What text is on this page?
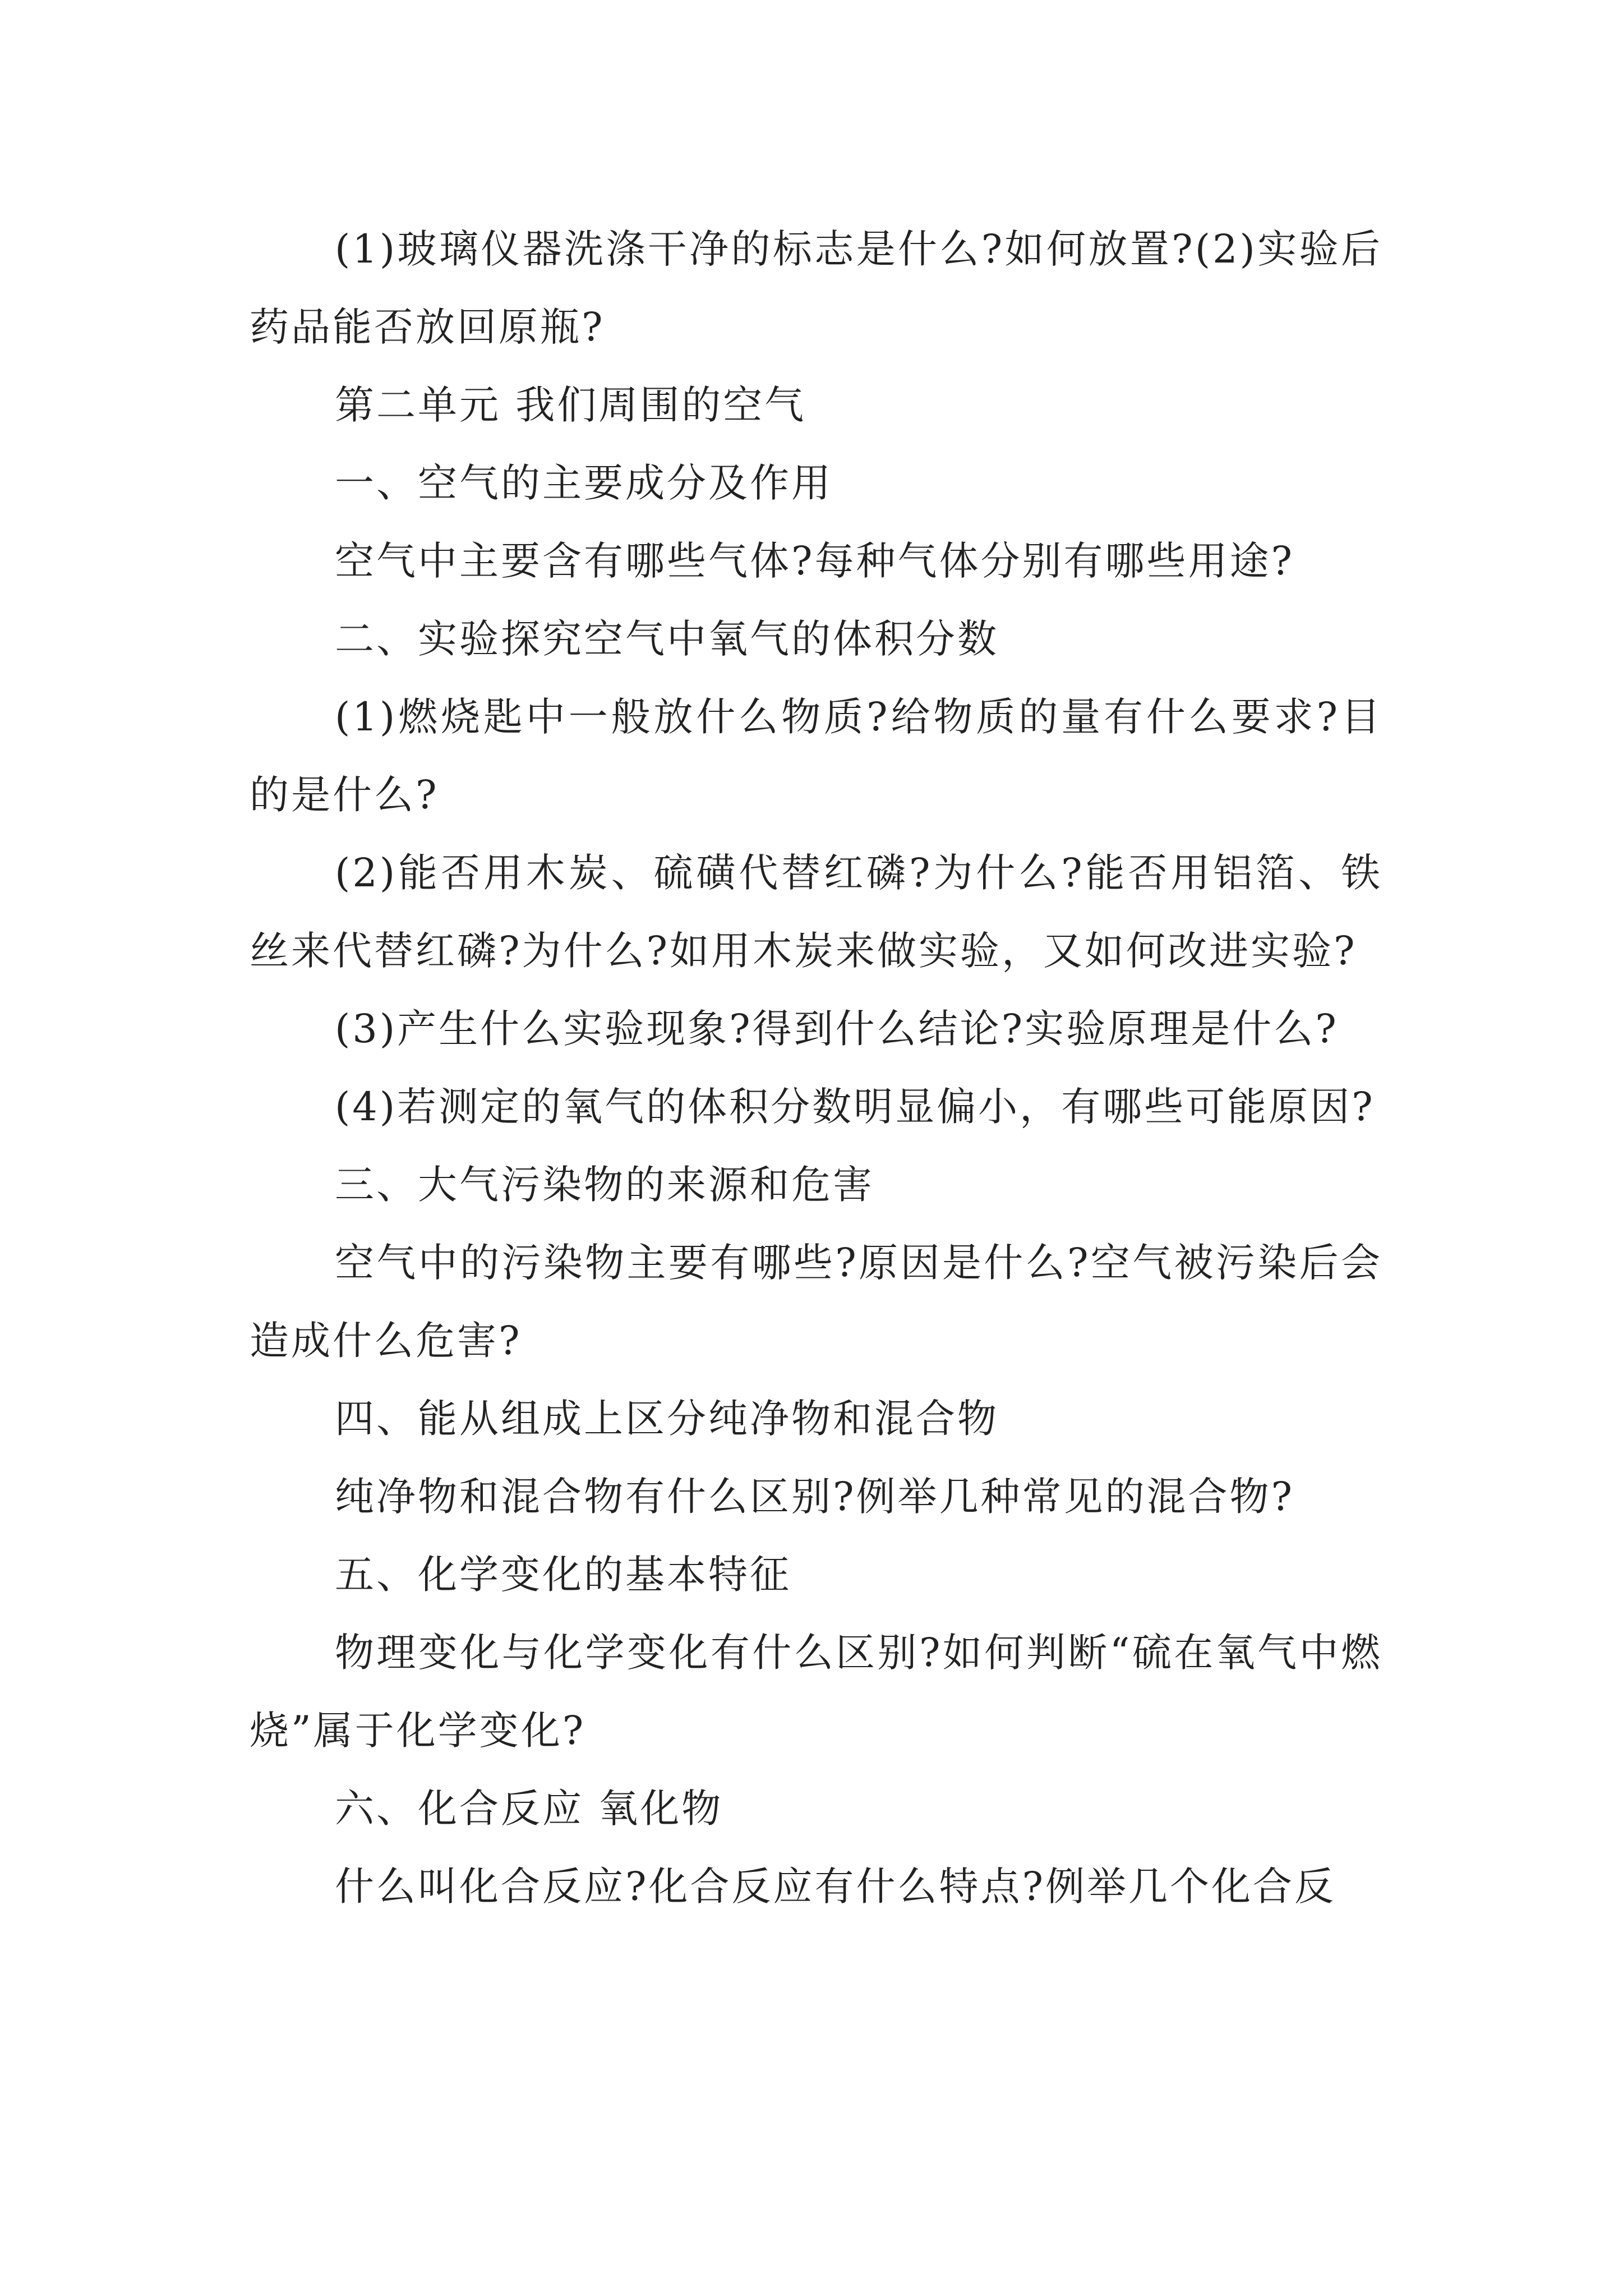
(1)玻璃仪器洗涤干净的标志是什么?如何放置?(2)实验后药品能否放回原瓶?

第二单元 我们周围的空气

一、空气的主要成分及作用

空气中主要含有哪些气体?每种气体分别有哪些用途?

二、实验探究空气中氧气的体积分数

(1)燃烧匙中一般放什么物质?给物质的量有什么要求?目的是什么?

(2)能否用木炭、硫磺代替红磷?为什么?能否用铝箔、铁丝来代替红磷?为什么?如用木炭来做实验，又如何改进实验?

(3)产生什么实验现象?得到什么结论?实验原理是什么?

(4)若测定的氧气的体积分数明显偏小，有哪些可能原因?

三、大气污染物的来源和危害

空气中的污染物主要有哪些?原因是什么?空气被污染后会造成什么危害?

四、能从组成上区分纯净物和混合物

纯净物和混合物有什么区别?例举几种常见的混合物?

五、化学变化的基本特征

物理变化与化学变化有什么区别?如何判断“硫在氧气中燃烧”属于化学变化?

六、化合反应 氧化物

什么叫化合反应?化合反应有什么特点?例举几个化合反
